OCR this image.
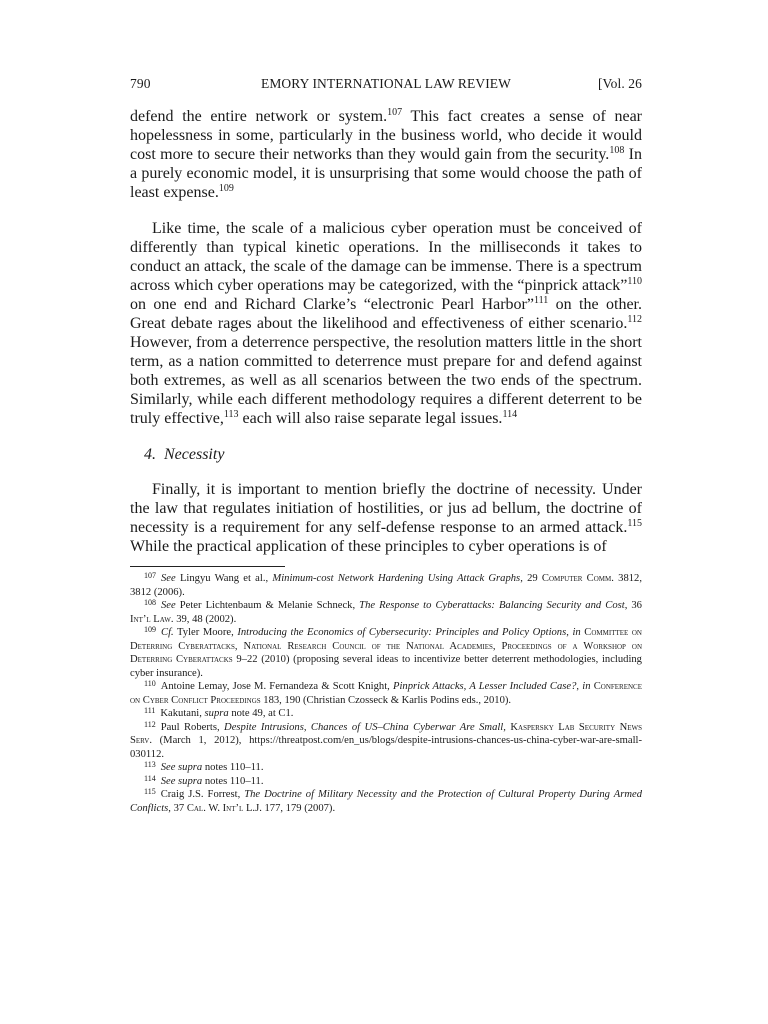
790	EMORY INTERNATIONAL LAW REVIEW	[Vol. 26

defend the entire network or system.$^{107}$ This fact creates a sense of near hopelessness in some, particularly in the business world, who decide it would cost more to secure their networks than they would gain from the security.$^{108}$ In a purely economic model, it is unsurprising that some would choose the path of least expense.$^{109}$

Like time, the scale of a malicious cyber operation must be conceived of differently than typical kinetic operations. In the milliseconds it takes to conduct an attack, the scale of the damage can be immense. There is a spectrum across which cyber operations may be categorized, with the “pinprick attack”$^{110}$ on one end and Richard Clarke’s “electronic Pearl Harbor”$^{111}$ on the other. Great debate rages about the likelihood and effectiveness of either scenario.$^{112}$ However, from a deterrence perspective, the resolution matters little in the short term, as a nation committed to deterrence must prepare for and defend against both extremes, as well as all scenarios between the two ends of the spectrum. Similarly, while each different methodology requires a different deterrent to be truly effective,$^{113}$ each will also raise separate legal issues.$^{114}$

4. Necessity

Finally, it is important to mention briefly the doctrine of necessity. Under the law that regulates initiation of hostilities, or jus ad bellum, the doctrine of necessity is a requirement for any self-defense response to an armed attack.$^{115}$ While the practical application of these principles to cyber operations is of

$^{107}$ See Lingyu Wang et al., Minimum-cost Network Hardening Using Attack Graphs, 29 Computer Comm. 3812, 3812 (2006).

$^{108}$ See Peter Lichtenbaum & Melanie Schneck, The Response to Cyberattacks: Balancing Security and Cost, 36 Int’l Law. 39, 48 (2002).

$^{109}$ Cf. Tyler Moore, Introducing the Economics of Cybersecurity: Principles and Policy Options, in Committee on Deterring Cyberattacks, National Research Council of the National Academies, Proceedings of a Workshop on Deterring Cyberattacks 9–22 (2010) (proposing several ideas to incentivize better deterrent methodologies, including cyber insurance).

$^{110}$ Antoine Lemay, Jose M. Fernandeza & Scott Knight, Pinprick Attacks, A Lesser Included Case?, in Conference on Cyber Conflict Proceedings 183, 190 (Christian Czosseck & Karlis Podins eds., 2010).

$^{111}$ Kakutani, supra note 49, at C1.

$^{112}$ Paul Roberts, Despite Intrusions, Chances of US–China Cyberwar Are Small, Kaspersky Lab Security News Serv. (March 1, 2012), https://threatpost.com/en_us/blogs/despite-intrusions-chances-us-china-cyber-war-are-small-030112.

$^{113}$ See supra notes 110–11.

$^{114}$ See supra notes 110–11.

$^{115}$ Craig J.S. Forrest, The Doctrine of Military Necessity and the Protection of Cultural Property During Armed Conflicts, 37 Cal. W. Int’l L.J. 177, 179 (2007).
